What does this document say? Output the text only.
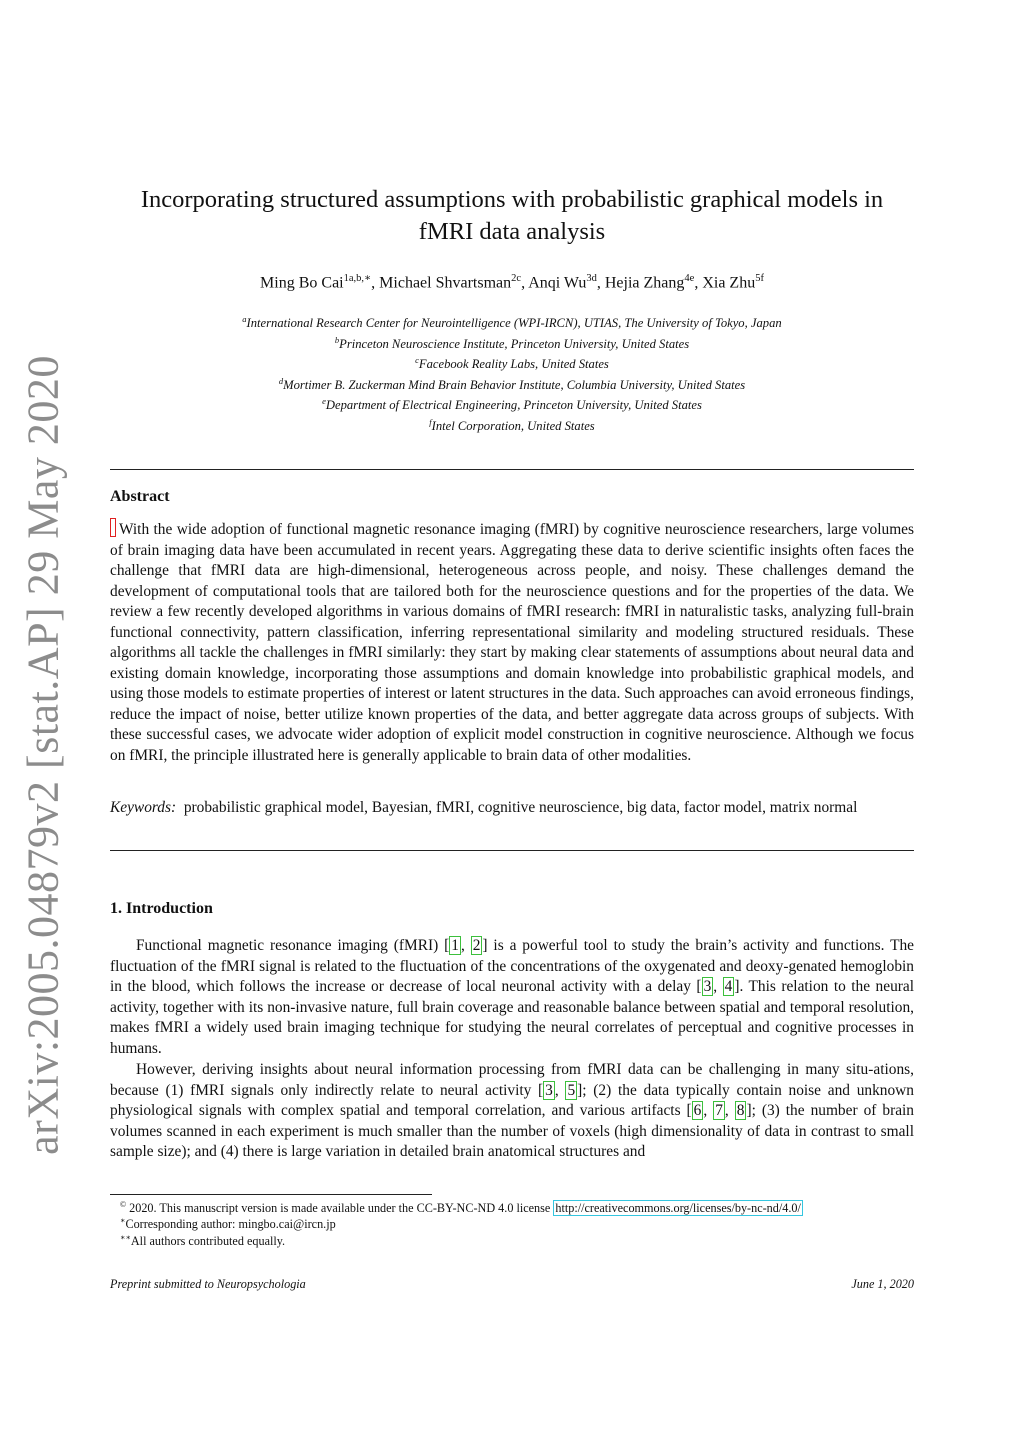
arXiv:2005.04879v2 [stat.AP] 29 May 2020
Incorporating structured assumptions with probabilistic graphical models in
fMRI data analysis
Ming Bo Cai$^{1a,b,∗}$, Michael Shvartsman$^{2c}$, Anqi $Wu^{3d}$, Hejia Zhang$^{4e}$, Xia Zhu$^{5f}$
$^a$International Research Center for Neurointelligence (WPI-IRCN), UTIAS, The University of Tokyo, Japan
$^b$Princeton Neuroscience Institute, Princeton University, United States
$^c$Facebook Reality Labs, United States
$^d$Mortimer B. Zuckerman Mind Brain Behavior Institute, Columbia University, United States
$^e$Department of Electrical Engineering, Princeton University, United States
$^f$Intel Corporation, United States
Abstract
With the wide adoption of functional magnetic resonance imaging (fMRI) by cognitive neuroscience researchers, large volumes of brain imaging data have been accumulated in recent years. Aggregating these data to derive scientific insights often faces the challenge that fMRI data are high-dimensional, heterogeneous across people, and noisy. These challenges demand the development of computational tools that are tailored both for the neuroscience questions and for the properties of the data. We review a few recently developed algorithms in various domains of fMRI research: fMRI in naturalistic tasks, analyzing full-brain functional connectivity, pattern classification, inferring representational similarity and modeling structured residuals. These algorithms all tackle the challenges in fMRI similarly: they start by making clear statements of assumptions about neural data and existing domain knowledge, incorporating those assumptions and domain knowledge into probabilistic graphical models, and using those models to estimate properties of interest or latent structures in the data. Such approaches can avoid erroneous findings, reduce the impact of noise, better utilize known properties of the data, and better aggregate data across groups of subjects. With these successful cases, we advocate wider adoption of explicit model construction in cognitive neuroscience. Although we focus on fMRI, the principle illustrated here is generally applicable to brain data of other modalities.
Keywords: probabilistic graphical model, Bayesian, fMRI, cognitive neuroscience, big data, factor model, matrix normal
1. Introduction
Functional magnetic resonance imaging (fMRI) [ 1 , 2 ] is a powerful tool to study the brain’s activity and functions. The fluctuation of the fMRI signal is related to the fluctuation of the concentrations of the oxygenated and deoxy-genated hemoglobin in the blood, which follows the increase or decrease of local neuronal activity with a delay [ 3 , 4 ]. This relation to the neural activity, together with its non-invasive nature, full brain coverage and reasonable balance between spatial and temporal resolution, makes fMRI a widely used brain imaging technique for studying the neural correlates of perceptual and cognitive processes in humans.
However, deriving insights about neural information processing from fMRI data can be challenging in many situ-ations, because (1) fMRI signals only indirectly relate to neural activity [ 3 , 5 ]; (2) the data typically contain noise and unknown physiological signals with complex spatial and temporal correlation, and various artifacts [ 6 , 7 , 8 ]; (3) the number of brain volumes scanned in each experiment is much smaller than the number of voxels (high dimensionality of data in contrast to small sample size); and (4) there is large variation in detailed brain anatomical structures and
© 2020. This manuscript version is made available under the CC-BY-NC-ND 4.0 license http://creativecommons.org/licenses/by-nc-nd/4.0/
∗Corresponding author: mingbo.cai@ircn.jp
∗∗All authors contributed equally.
Preprint submitted to Neuropsychologia	June 1, 2020
